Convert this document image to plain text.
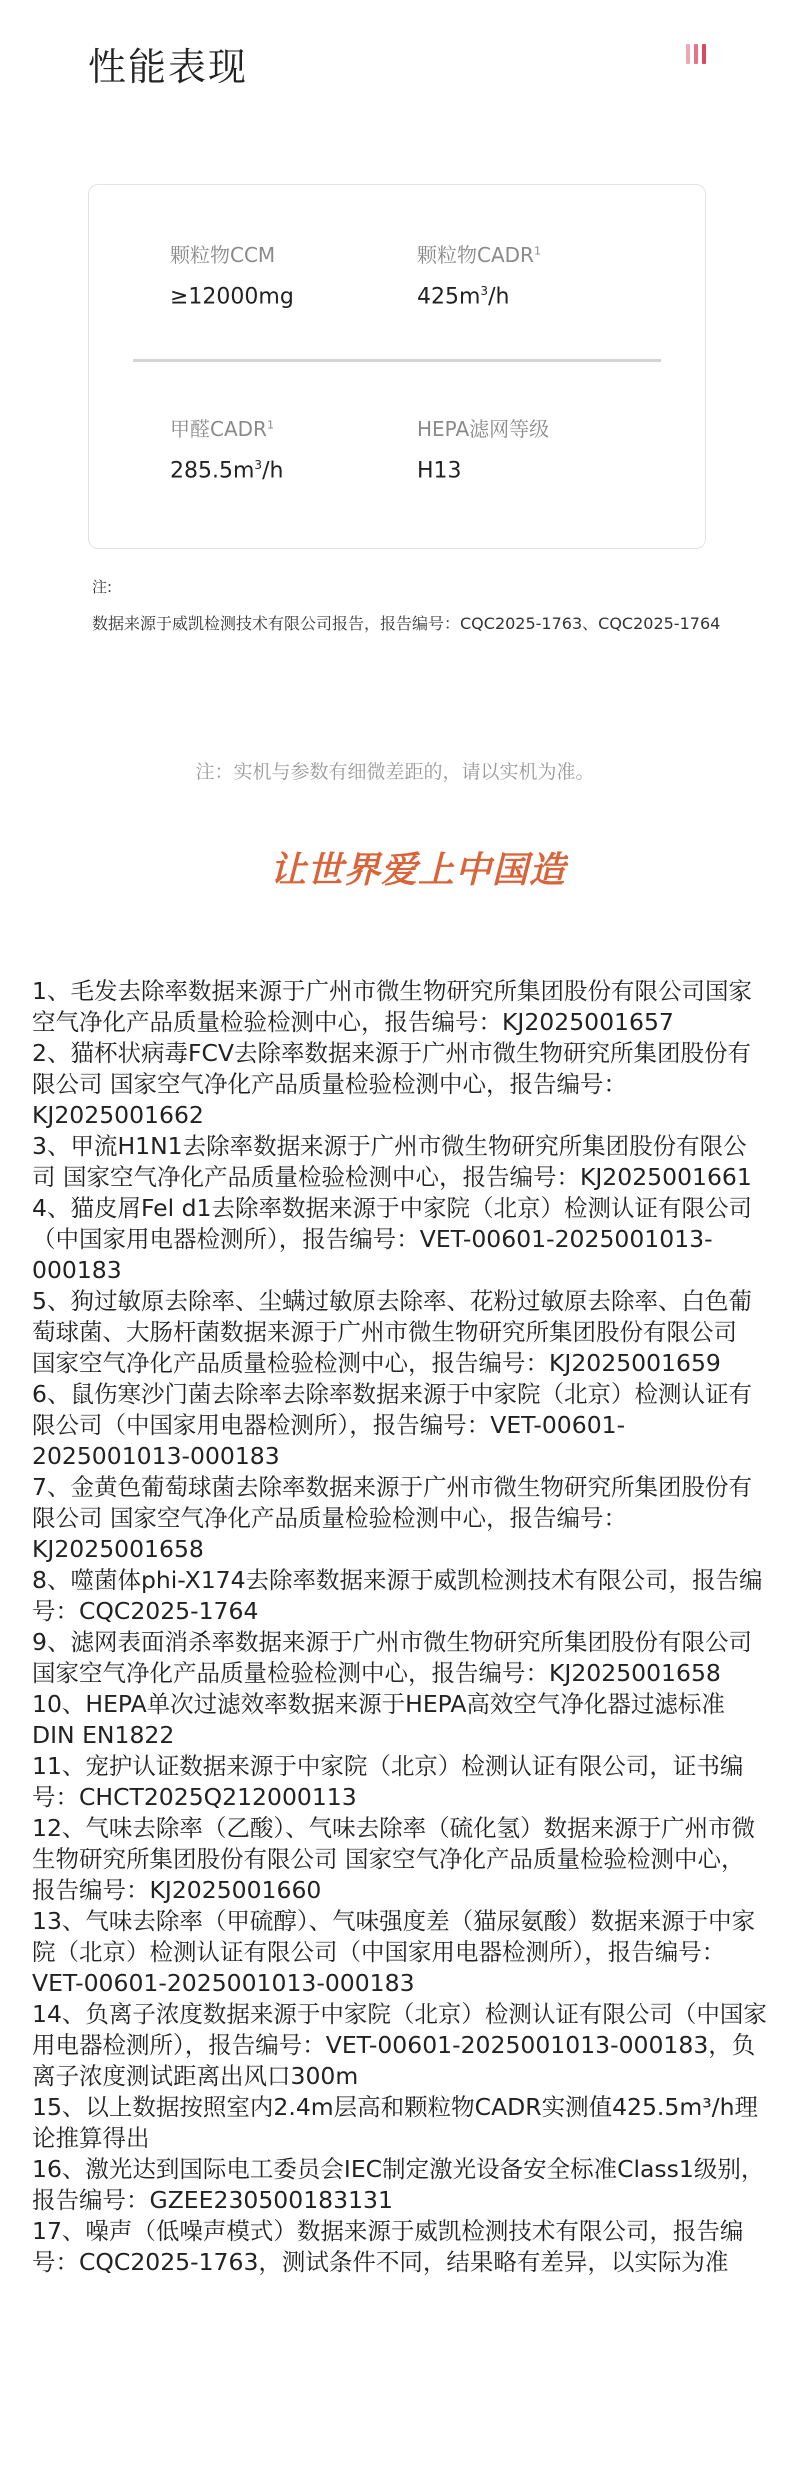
性能表现
颗粒物CCM
≥12000mg
颗粒物CADR$^1$
$425m^3/h$
甲醛CADR$^1$
$285.5m^3/h$
HEPA滤网等级
H13
注:
数据来源于威凯检测技术有限公司报告，报告编号：CQC2025-1763、CQC2025-1764
注：实机与参数有细微差距的，请以实机为准。
让世界爱上中国造

1、毛发去除率数据来源于广州市微生物研究所集团股份有限公司国家空气净化产品质量检验检测中心，报告编号：KJ2025001657

2、猫杯状病毒FCV去除率数据来源于广州市微生物研究所集团股份有限公司 国家空气净化产品质量检验检测中心，报告编号：KJ2025001662

3、甲流H1N1去除率数据来源于广州市微生物研究所集团股份有限公司 国家空气净化产品质量检验检测中心，报告编号：KJ2025001661

4、猫皮屑Fel d1去除率数据来源于中家院（北京）检测认证有限公司（中国家用电器检测所），报告编号：VET-00601-2025001013-000183

5、狗过敏原去除率、尘螨过敏原去除率、花粉过敏原去除率、白色葡萄球菌、大肠杆菌数据来源于广州市微生物研究所集团股份有限公司 国家空气净化产品质量检验检测中心，报告编号：KJ2025001659

6、鼠伤寒沙门菌去除率去除率数据来源于中家院（北京）检测认证有限公司（中国家用电器检测所），报告编号：VET-00601-2025001013-000183

7、金黄色葡萄球菌去除率数据来源于广州市微生物研究所集团股份有限公司 国家空气净化产品质量检验检测中心，报告编号：KJ2025001658

8、噬菌体phi-X174去除率数据来源于威凯检测技术有限公司，报告编号：CQC2025-1764

9、滤网表面消杀率数据来源于广州市微生物研究所集团股份有限公司 国家空气净化产品质量检验检测中心，报告编号：KJ2025001658

10、HEPA单次过滤效率数据来源于HEPA高效空气净化器过滤标准DIN EN1822

11、宠护认证数据来源于中家院（北京）检测认证有限公司，证书编号：CHCT2025Q212000113

12、气味去除率（乙酸）、气味去除率（硫化氢）数据来源于广州市微生物研究所集团股份有限公司 国家空气净化产品质量检验检测中心，报告编号：KJ2025001660

13、气味去除率（甲硫醇）、气味强度差（猫尿氨酸）数据来源于中家院（北京）检测认证有限公司（中国家用电器检测所），报告编号：VET-00601-2025001013-000183

14、负离子浓度数据来源于中家院（北京）检测认证有限公司（中国家用电器检测所），报告编号：VET-00601-2025001013-000183，负离子浓度测试距离出风口300m

15、以上数据按照室内2.4m层高和颗粒物CADR实测值425.5m³/h理论推算得出

16、激光达到国际电工委员会IEC制定激光设备安全标准Class1级别，报告编号：GZEE230500183131

17、噪声（低噪声模式）数据来源于威凯检测技术有限公司，报告编号：CQC2025-1763，测试条件不同，结果略有差异，以实际为准
